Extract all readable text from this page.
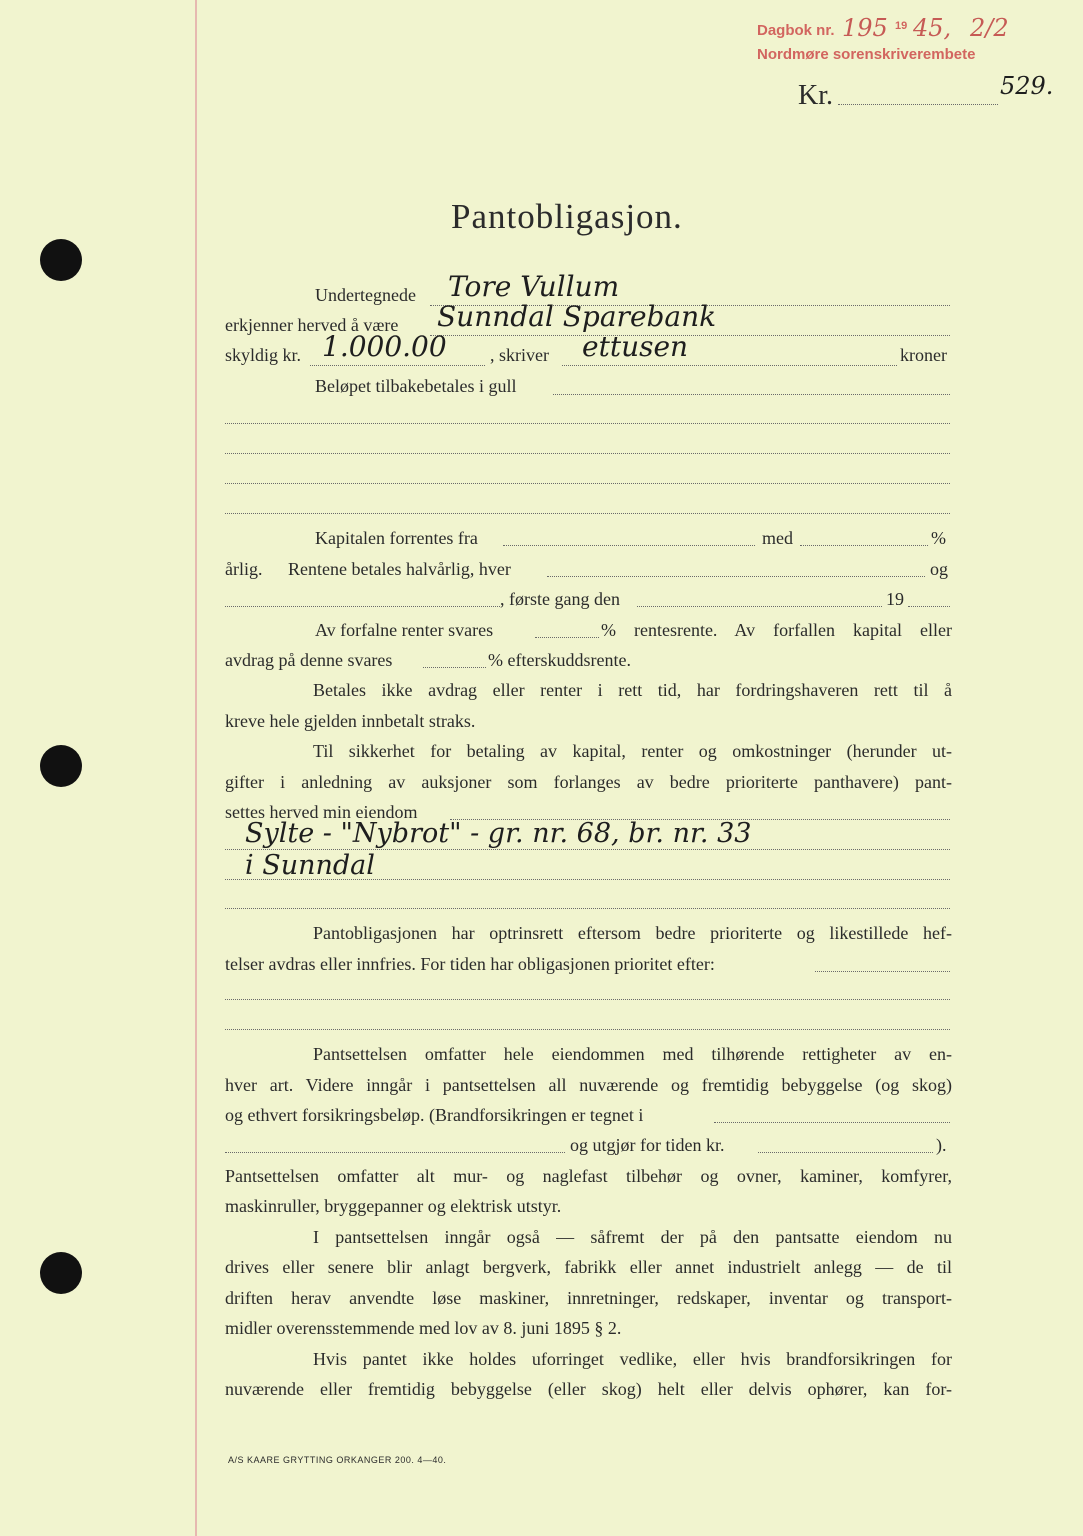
Dagbok nr. 195 19 45, 2/2
Nordmøre sorenskriverembete
Kr.	529.
Pantobligasjon.
Undertegnede Tore Vullum
erkjenner herved å være Sunndal Sparebank
skyldig kr. 1.000.00 , skriver ettusen	kroner
Beløpet tilbakebetales i gull
Kapitalen forrentes fra	med	%
årlig. Rentene betales halvårlig, hver	og
, første gang den	19
Av forfalne renter svares	% rentesrente. Av forfallen kapital eller
avdrag på denne svares	% efterskuddsrente.
Betales ikke avdrag eller renter i rett tid, har fordringshaveren rett til å
kreve hele gjelden innbetalt straks.
Til sikkerhet for betaling av kapital, renter og omkostninger (herunder ut-
gifter i anledning av auksjoner som forlanges av bedre prioriterte panthavere) pant-
settes herved min eiendom
Sylte - "Nybrot" - gr. nr. 68, br. nr. 33
i Sunndal
Pantobligasjonen har optrinsrett eftersom bedre prioriterte og likestillede hef-
telser avdras eller innfries. For tiden har obligasjonen prioritet efter:
Pantsettelsen omfatter hele eiendommen med tilhørende rettigheter av en-
hver art. Videre inngår i pantsettelsen all nuværende og fremtidig bebyggelse (og skog)
og ethvert forsikringsbeløp. (Brandforsikringen er tegnet i
og utgjør for tiden kr.	).
Pantsettelsen omfatter alt mur- og naglefast tilbehør og ovner, kaminer, komfyrer,
maskinruller, bryggepanner og elektrisk utstyr.
I pantsettelsen inngår også — såfremt der på den pantsatte eiendom nu
drives eller senere blir anlagt bergverk, fabrikk eller annet industrielt anlegg — de til
driften herav anvendte løse maskiner, innretninger, redskaper, inventar og transport-
midler overensstemmende med lov av 8. juni 1895 § 2.
Hvis pantet ikke holdes uforringet vedlike, eller hvis brandforsikringen for
nuværende eller fremtidig bebyggelse (eller skog) helt eller delvis ophører, kan for-
A/S KAARE GRYTTING ORKANGER 200. 4—40.
